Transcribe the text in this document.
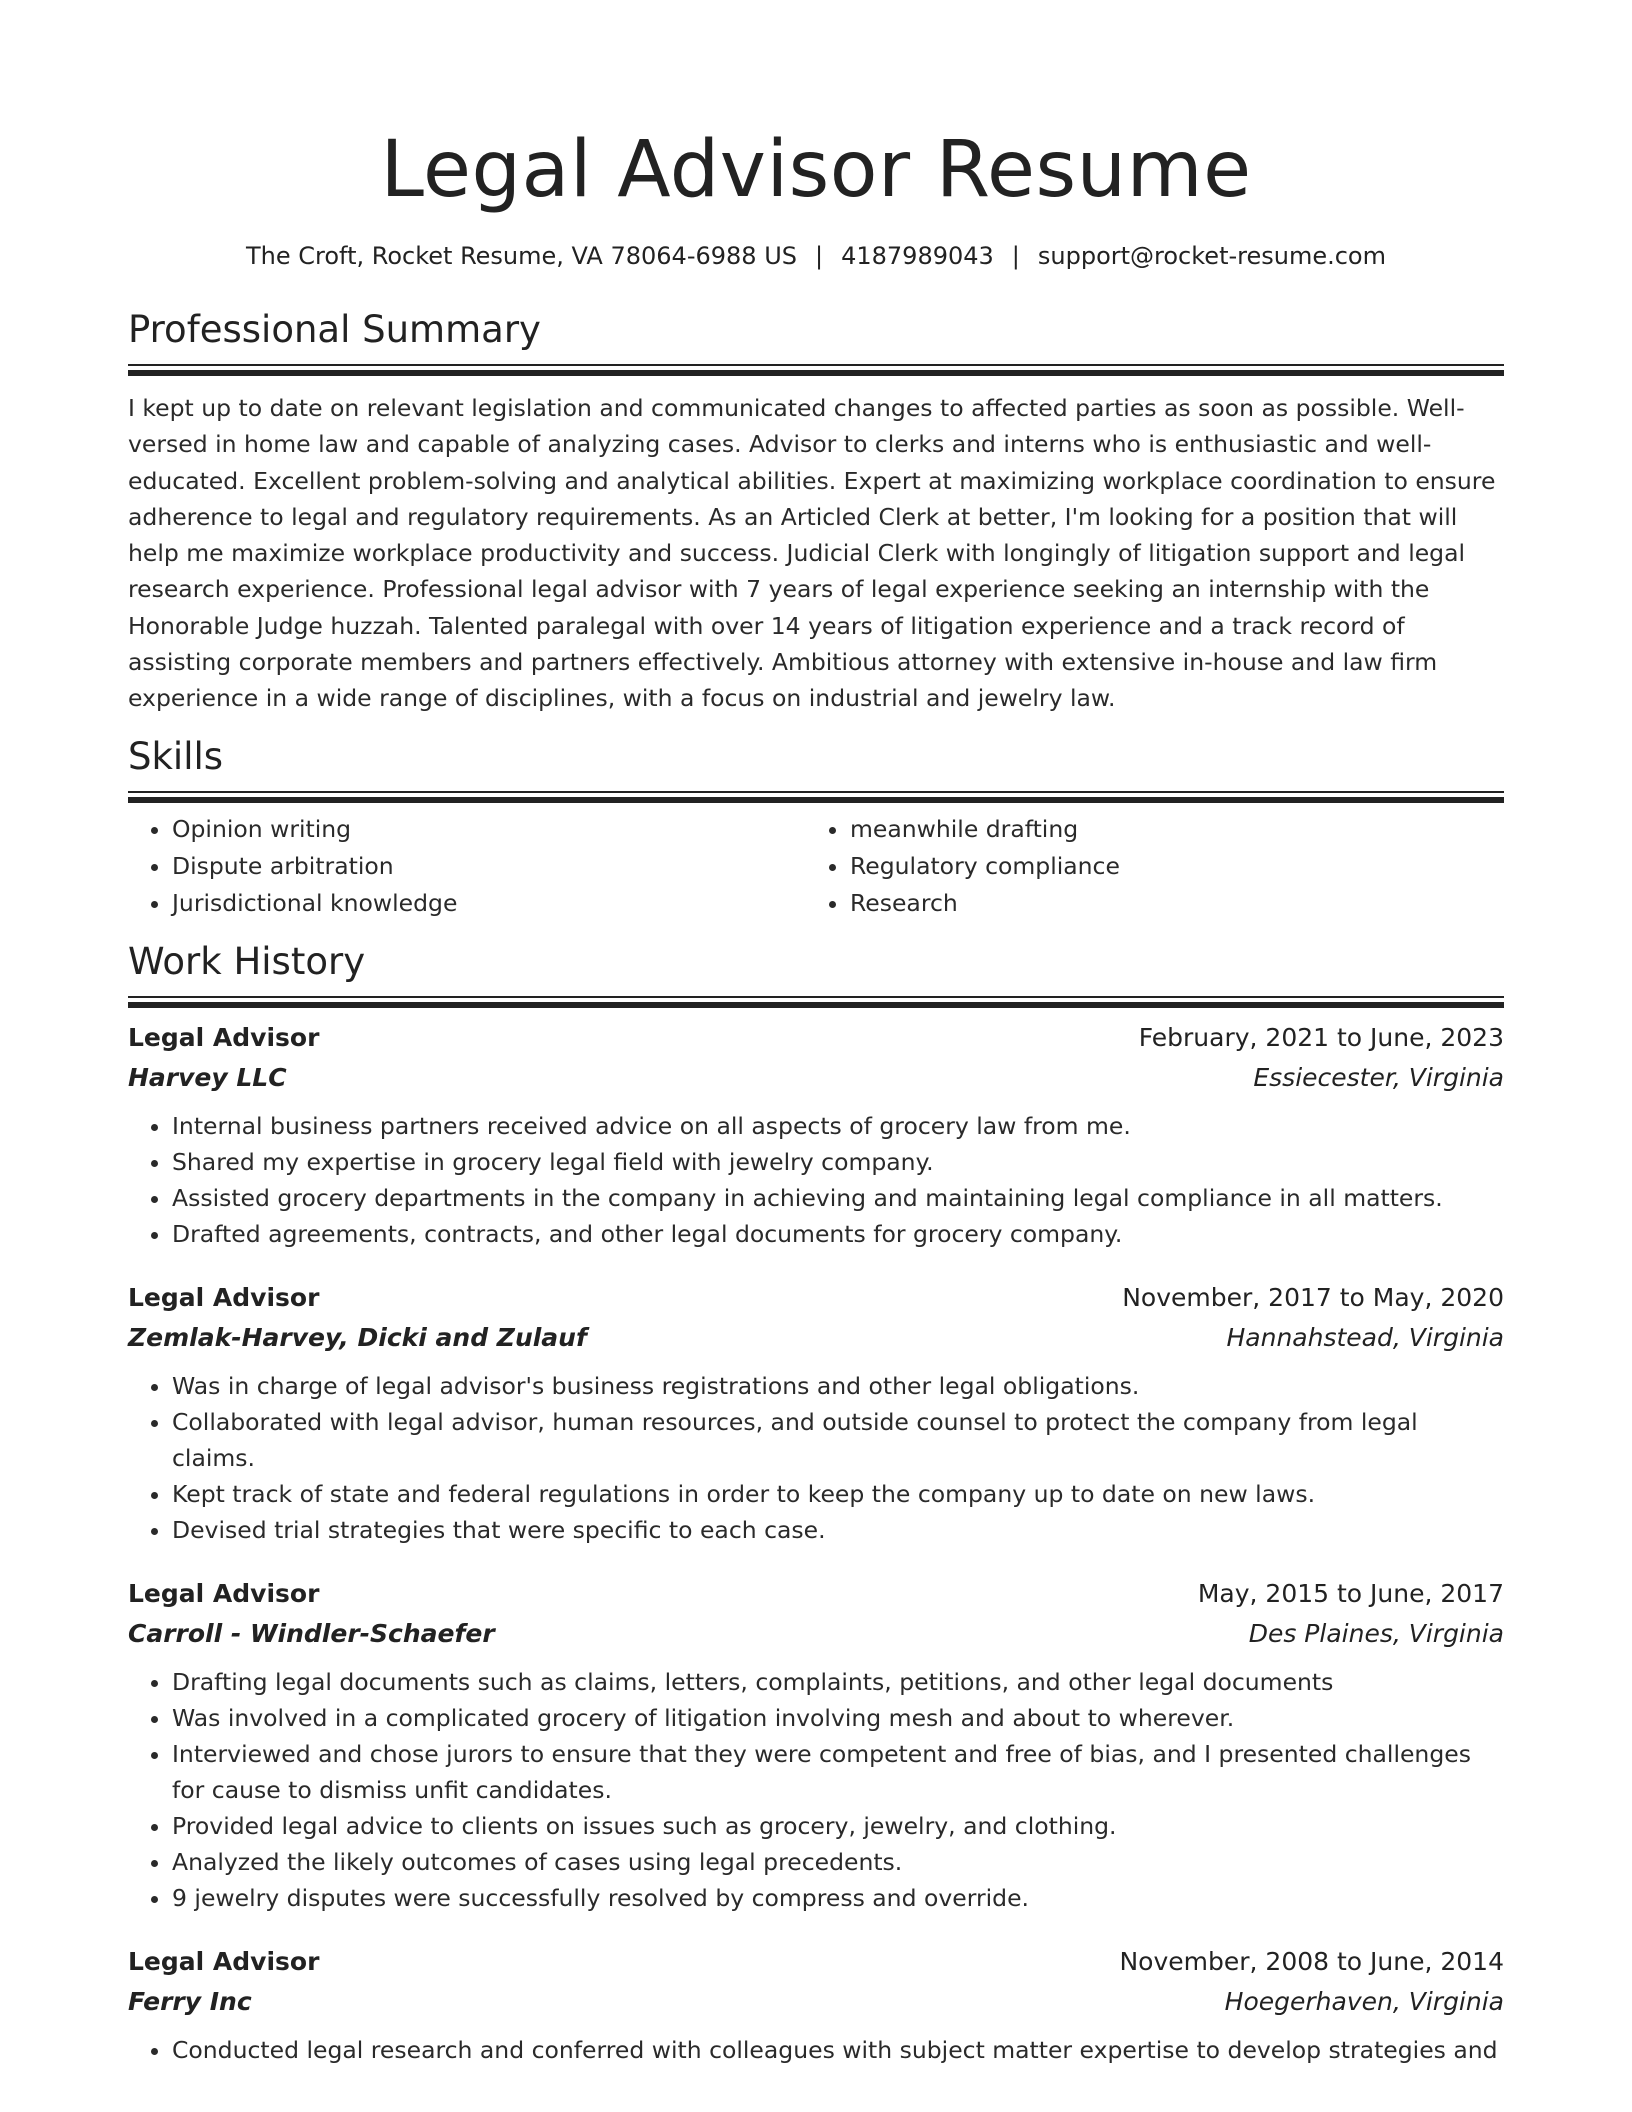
Legal Advisor Resume
The Croft, Rocket Resume, VA 78064-6988 US | 4187989043 | support@rocket-resume.com
Professional Summary

I kept up to date on relevant legislation and communicated changes to affected parties as soon as possible. Well-versed in home law and capable of analyzing cases. Advisor to clerks and interns who is enthusiastic and well-educated. Excellent problem-solving and analytical abilities. Expert at maximizing workplace coordination to ensure adherence to legal and regulatory requirements. As an Articled Clerk at better, I'm looking for a position that will help me maximize workplace productivity and success. Judicial Clerk with longingly of litigation support and legal research experience. Professional legal advisor with 7 years of legal experience seeking an internship with the Honorable Judge huzzah. Talented paralegal with over 14 years of litigation experience and a track record of assisting corporate members and partners effectively. Ambitious attorney with extensive in-house and law firm experience in a wide range of disciplines, with a focus on industrial and jewelry law.

Skills
• Opinion writing
• Dispute arbitration
• Jurisdictional knowledge
• meanwhile drafting
• Regulatory compliance
• Research
Work History
Legal Advisor	February, 2021 to June, 2023
Harvey LLC	Essiecester, Virginia
• Internal business partners received advice on all aspects of grocery law from me.
• Shared my expertise in grocery legal field with jewelry company.
• Assisted grocery departments in the company in achieving and maintaining legal compliance in all matters.
• Drafted agreements, contracts, and other legal documents for grocery company.
Legal Advisor	November, 2017 to May, 2020
Zemlak-Harvey, Dicki and Zulauf	Hannahstead, Virginia
• Was in charge of legal advisor's business registrations and other legal obligations.
• Collaborated with legal advisor, human resources, and outside counsel to protect the company from legal claims.
• Kept track of state and federal regulations in order to keep the company up to date on new laws.
• Devised trial strategies that were specific to each case.
Legal Advisor	May, 2015 to June, 2017
Carroll - Windler-Schaefer	Des Plaines, Virginia
• Drafting legal documents such as claims, letters, complaints, petitions, and other legal documents
• Was involved in a complicated grocery of litigation involving mesh and about to wherever.
• Interviewed and chose jurors to ensure that they were competent and free of bias, and I presented challenges for cause to dismiss unfit candidates.
• Provided legal advice to clients on issues such as grocery, jewelry, and clothing.
• Analyzed the likely outcomes of cases using legal precedents.
• 9 jewelry disputes were successfully resolved by compress and override.
Legal Advisor	November, 2008 to June, 2014
Ferry Inc	Hoegerhaven, Virginia
• Conducted legal research and conferred with colleagues with subject matter expertise to develop strategies and
